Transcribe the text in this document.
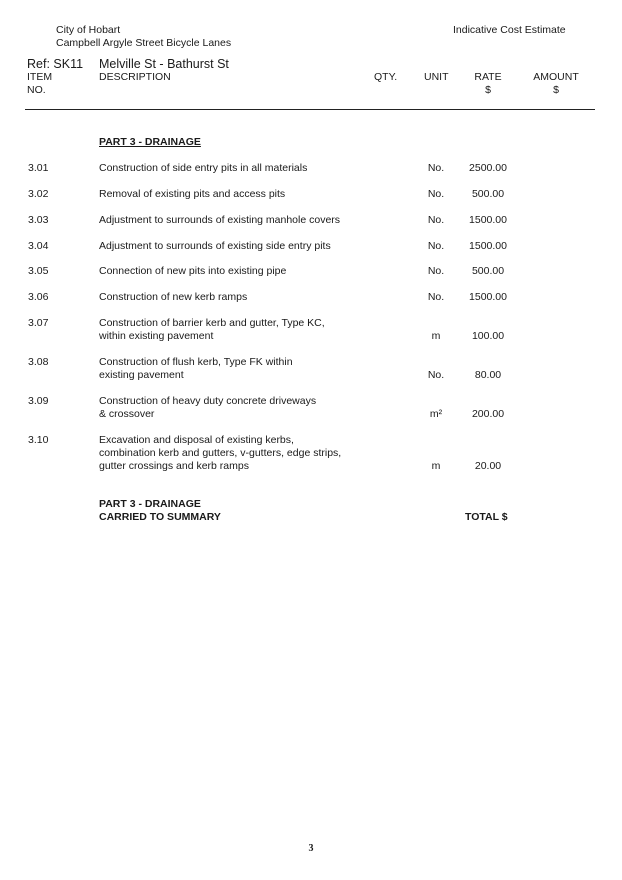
City of Hobart
Campbell Argyle Street Bicycle Lanes
Indicative Cost Estimate
Ref: SK11 Melville St - Bathurst St
ITEM
NO.
DESCRIPTION	QTY.	UNIT	RATE
$
AMOUNT
$
PART 3 - DRAINAGE
3.01	Construction of side entry pits in all materials	No.	2500.00
3.02	Removal of existing pits and access pits	No.	500.00
3.03	Adjustment to surrounds of existing manhole covers	No.	1500.00
3.04	Adjustment to surrounds of existing side entry pits	No.	1500.00
3.05	Connection of new pits into existing pipe	No.	500.00
3.06	Construction of new kerb ramps	No.	1500.00
3.07	Construction of barrier kerb and gutter, Type KC,
within existing pavement	m	100.00
3.08	Construction of flush kerb, Type FK within
existing pavement	No.	80.00
3.09	Construction of heavy duty concrete driveways
& crossover	m²	200.00
3.10	Excavation and disposal of existing kerbs,
combination kerb and gutters, v-gutters, edge strips,
gutter crossings and kerb ramps	m	20.00
PART 3 - DRAINAGE
CARRIED TO SUMMARY	TOTAL $
3
